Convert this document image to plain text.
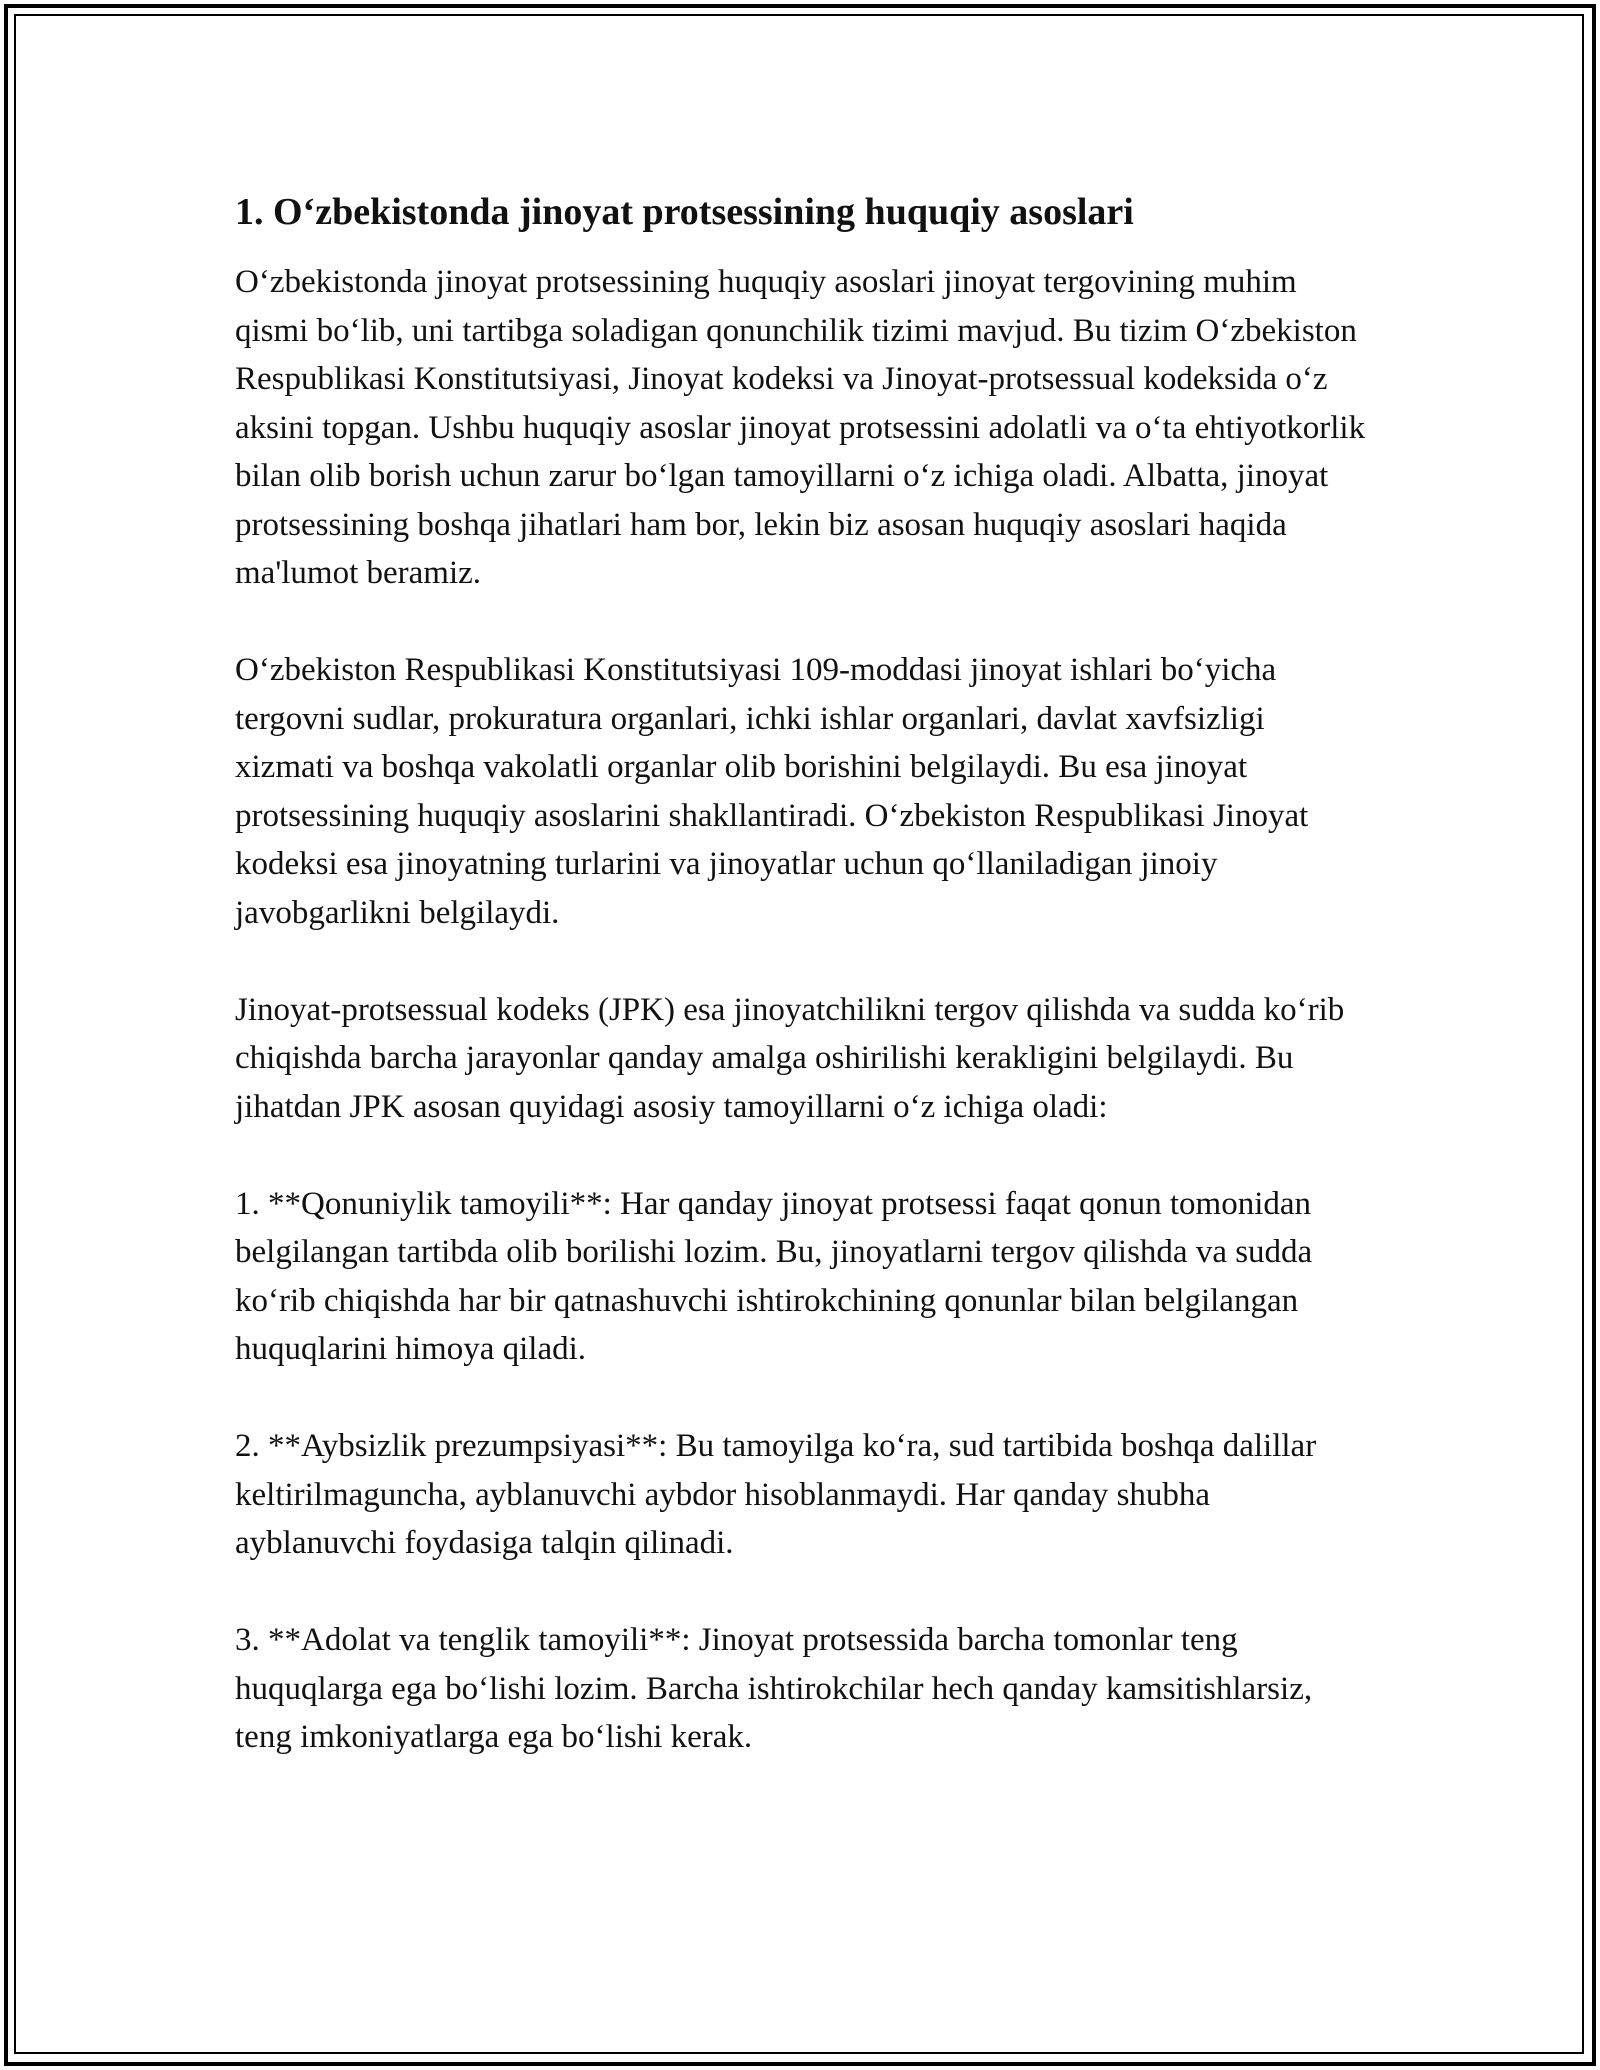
1. Oʻzbekistonda jinoyat protsessining huquqiy asoslari
Oʻzbekistonda jinoyat protsessining huquqiy asoslari jinoyat tergovining muhim qismi boʻlib, uni tartibga soladigan qonunchilik tizimi mavjud. Bu tizim Oʻzbekiston Respublikasi Konstitutsiyasi, Jinoyat kodeksi va Jinoyat-protsessual kodeksida oʻz aksini topgan. Ushbu huquqiy asoslar jinoyat protsessini adolatli va oʻta ehtiyotkorlik bilan olib borish uchun zarur boʻlgan tamoyillarni oʻz ichiga oladi. Albatta, jinoyat protsessining boshqa jihatlari ham bor, lekin biz asosan huquqiy asoslari haqida ma'lumot beramiz.
Oʻzbekiston Respublikasi Konstitutsiyasi 109-moddasi jinoyat ishlari boʻyicha tergovni sudlar, prokuratura organlari, ichki ishlar organlari, davlat xavfsizligi xizmati va boshqa vakolatli organlar olib borishini belgilaydi. Bu esa jinoyat protsessining huquqiy asoslarini shakllantiradi. Oʻzbekiston Respublikasi Jinoyat kodeksi esa jinoyatning turlarini va jinoyatlar uchun qoʻllaniladigan jinoiy javobgarlikni belgilaydi.
Jinoyat-protsessual kodeks (JPK) esa jinoyatchilikni tergov qilishda va sudda koʻrib chiqishda barcha jarayonlar qanday amalga oshirilishi kerakligini belgilaydi. Bu jihatdan JPK asosan quyidagi asosiy tamoyillarni oʻz ichiga oladi:
1. **Qonuniylik tamoyili**: Har qanday jinoyat protsessi faqat qonun tomonidan belgilangan tartibda olib borilishi lozim. Bu, jinoyatlarni tergov qilishda va sudda koʻrib chiqishda har bir qatnashuvchi ishtirokchining qonunlar bilan belgilangan huquqlarini himoya qiladi.
2. **Aybsizlik prezumpsiyasi**: Bu tamoyilga koʻra, sud tartibida boshqa dalillar keltirilmaguncha, ayblanuvchi aybdor hisoblanmaydi. Har qanday shubha ayblanuvchi foydasiga talqin qilinadi.
3. **Adolat va tenglik tamoyili**: Jinoyat protsessida barcha tomonlar teng huquqlarga ega boʻlishi lozim. Barcha ishtirokchilar hech qanday kamsitishlarsiz, teng imkoniyatlarga ega boʻlishi kerak.
